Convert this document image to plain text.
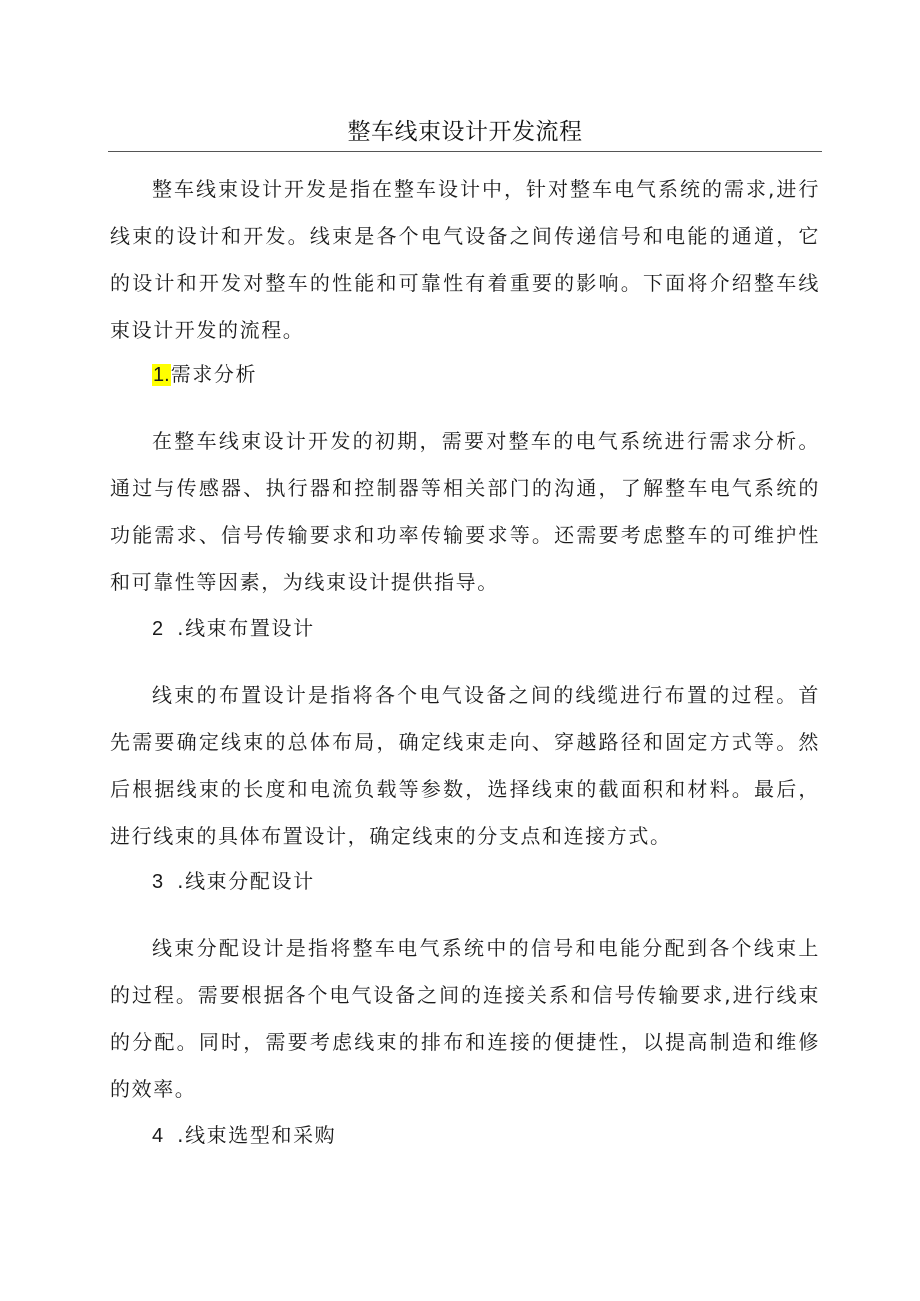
整车线束设计开发流程

整车线束设计开发是指在整车设计中，针对整车电气系统的需求,进行线束的设计和开发。线束是各个电气设备之间传递信号和电能的通道，它的设计和开发对整车的性能和可靠性有着重要的影响。下面将介绍整车线束设计开发的流程。

1.需求分析

在整车线束设计开发的初期，需要对整车的电气系统进行需求分析。通过与传感器、执行器和控制器等相关部门的沟通，了解整车电气系统的功能需求、信号传输要求和功率传输要求等。还需要考虑整车的可维护性和可靠性等因素，为线束设计提供指导。

2 .线束布置设计

线束的布置设计是指将各个电气设备之间的线缆进行布置的过程。首先需要确定线束的总体布局，确定线束走向、穿越路径和固定方式等。然后根据线束的长度和电流负载等参数，选择线束的截面积和材料。最后，进行线束的具体布置设计，确定线束的分支点和连接方式。

3 .线束分配设计

线束分配设计是指将整车电气系统中的信号和电能分配到各个线束上的过程。需要根据各个电气设备之间的连接关系和信号传输要求,进行线束的分配。同时，需要考虑线束的排布和连接的便捷性，以提高制造和维修的效率。

4 .线束选型和采购
